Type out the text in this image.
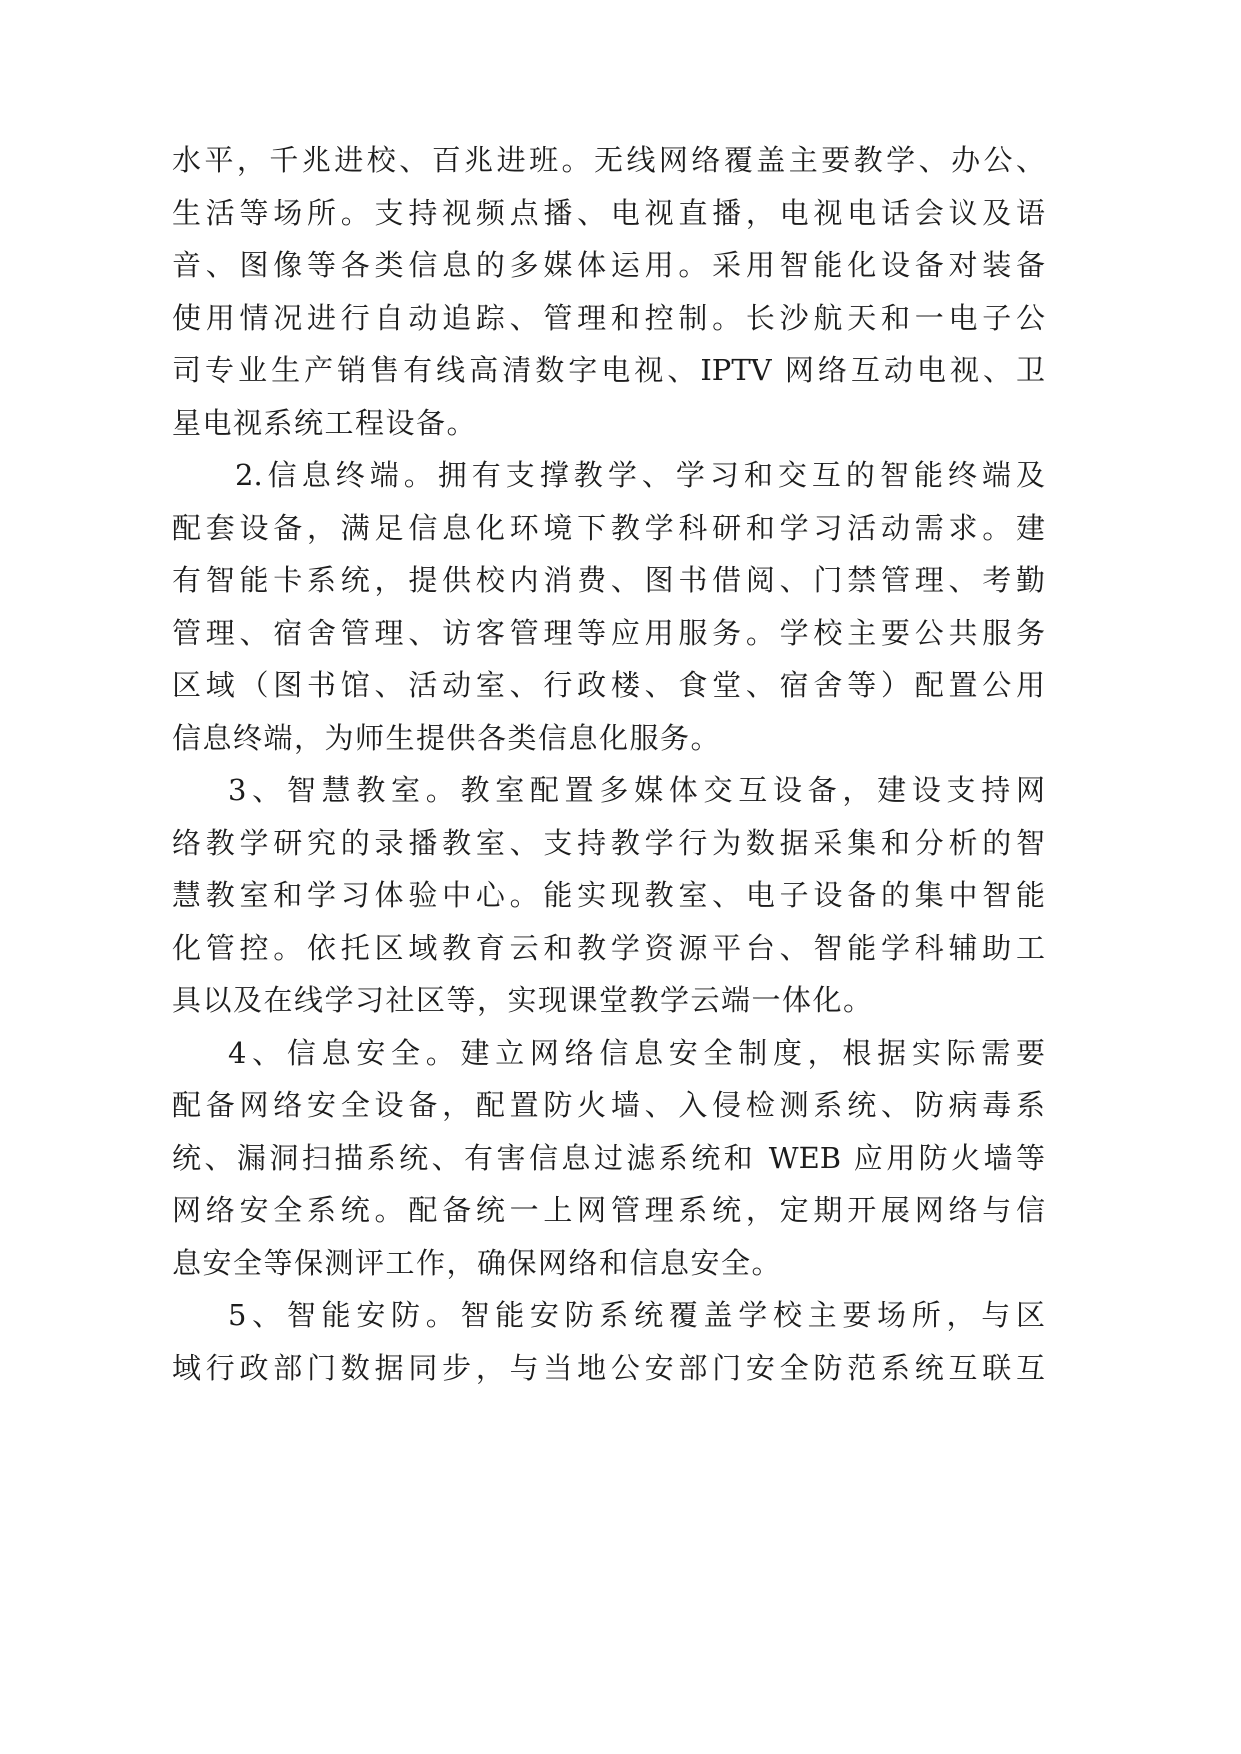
水平，千兆进校、百兆进班。无线网络覆盖主要教学、办公、
生活等场所。支持视频点播、电视直播，电视电话会议及语
音、图像等各类信息的多媒体运用。采用智能化设备对装备
使用情况进行自动追踪、管理和控制。长沙航天和一电子公
司专业生产销售有线高清数字电视、IPTV 网络互动电视、卫
星电视系统工程设备。
2.信息终端。拥有支撑教学、学习和交互的智能终端及
配套设备，满足信息化环境下教学科研和学习活动需求。建
有智能卡系统，提供校内消费、图书借阅、门禁管理、考勤
管理、宿舍管理、访客管理等应用服务。学校主要公共服务
区域（图书馆、活动室、行政楼、食堂、宿舍等）配置公用
信息终端，为师生提供各类信息化服务。
3、智慧教室。教室配置多媒体交互设备，建设支持网
络教学研究的录播教室、支持教学行为数据采集和分析的智
慧教室和学习体验中心。能实现教室、电子设备的集中智能
化管控。依托区域教育云和教学资源平台、智能学科辅助工
具以及在线学习社区等，实现课堂教学云端一体化。
4、信息安全。建立网络信息安全制度，根据实际需要
配备网络安全设备，配置防火墙、入侵检测系统、防病毒系
统、漏洞扫描系统、有害信息过滤系统和 WEB 应用防火墙等
网络安全系统。配备统一上网管理系统，定期开展网络与信
息安全等保测评工作，确保网络和信息安全。
5、智能安防。智能安防系统覆盖学校主要场所，与区
域行政部门数据同步，与当地公安部门安全防范系统互联互
